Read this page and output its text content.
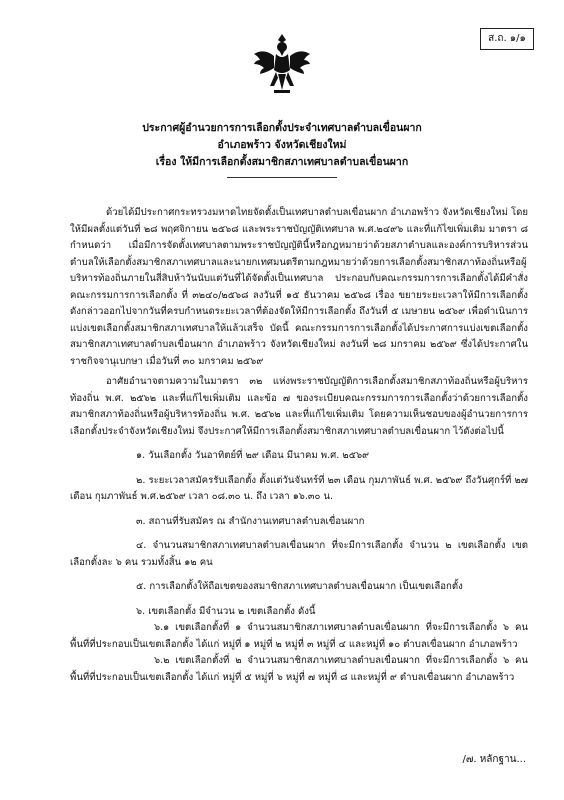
ส.ถ. ๑/๑
ประกาศผู้อำนวยการการเลือกตั้งประจำเทศบาลตำบลเขื่อนผาก
อำเภอพร้าว จังหวัดเชียงใหม่
เรื่อง ให้มีการเลือกตั้งสมาชิกสภาเทศบาลตำบลเขื่อนผาก

ด้วยได้มีประกาศกระทรวงมหาดไทยจัดตั้งเป็นเทศบาลตำบลเขื่อนผาก อำเภอพร้าว จังหวัดเชียงใหม่ โดยให้มีผลตั้งแต่วันที่ ๒๘ พฤศจิกายน ๒๕๖๘ และพระราชบัญญัติเทศบาล พ.ศ.๒๔๙๖ และที่แก้ไขเพิ่มเติม มาตรา ๘ กำหนดว่า เมื่อมีการจัดตั้งเทศบาลตามพระราชบัญญัตินี้หรือกฎหมายว่าด้วยสภาตำบลและองค์การบริหารส่วนตำบลให้เลือกตั้งสมาชิกสภาเทศบาลและนายกเทศมนตรีตามกฎหมายว่าด้วยการเลือกตั้งสมาชิกสภาท้องถิ่นหรือผู้บริหารท้องถิ่นภายในสี่สิบห้าวันนับแต่วันที่ได้จัดตั้งเป็นเทศบาล ประกอบกับคณะกรรมการการเลือกตั้งได้มีคำสั่งคณะกรรมการการเลือกตั้ง ที่ ๓๒๔๐/๒๕๖๘ ลงวันที่ ๑๕ ธันวาคม ๒๕๖๘ เรื่อง ขยายระยะเวลาให้มีการเลือกตั้งดังกล่าวออกไปจากวันที่ครบกำหนดระยะเวลาที่ต้องจัดให้มีการเลือกตั้ง ถึงวันที่ ๕ เมษายน ๒๕๖๙ เพื่อดำเนินการแบ่งเขตเลือกตั้งสมาชิกสภาเทศบาลให้แล้วเสร็จ บัดนี้ คณะกรรมการการเลือกตั้งได้ประกาศการแบ่งเขตเลือกตั้งสมาชิกสภาเทศบาลตำบลเขื่อนผาก อำเภอพร้าว จังหวัดเชียงใหม่ ลงวันที่ ๒๘ มกราคม ๒๕๖๙ ซึ่งได้ประกาศในราชกิจจานุเบกษา เมื่อวันที่ ๓๐ มกราคม ๒๕๖๙

อาศัยอำนาจตามความในมาตรา ๓๒ แห่งพระราชบัญญัติการเลือกตั้งสมาชิกสภาท้องถิ่นหรือผู้บริหารท้องถิ่น พ.ศ. ๒๕๖๒ และที่แก้ไขเพิ่มเติม และข้อ ๗ ของระเบียบคณะกรรมการการเลือกตั้งว่าด้วยการเลือกตั้งสมาชิกสภาท้องถิ่นหรือผู้บริหารท้องถิ่น พ.ศ. ๒๕๖๒ และที่แก้ไขเพิ่มเติม โดยความเห็นชอบของผู้อำนวยการการเลือกตั้งประจำจังหวัดเชียงใหม่ จึงประกาศให้มีการเลือกตั้งสมาชิกสภาเทศบาลตำบลเขื่อนผาก ไว้ดังต่อไปนี้

๑. วันเลือกตั้ง วันอาทิตย์ที่ ๒๙ เดือน มีนาคม พ.ศ. ๒๕๖๙

๒. ระยะเวลาสมัครรับเลือกตั้ง ตั้งแต่วันจันทร์ที่ ๒๓ เดือน กุมภาพันธ์ พ.ศ. ๒๕๖๙ ถึงวันศุกร์ที่ ๒๗ เดือน กุมภาพันธ์ พ.ศ.๒๕๖๙ เวลา ๐๘.๓๐ น. ถึง เวลา ๑๖.๓๐ น.

๓. สถานที่รับสมัคร ณ สำนักงานเทศบาลตำบลเขื่อนผาก

๔. จำนวนสมาชิกสภาเทศบาลตำบลเขื่อนผาก ที่จะมีการเลือกตั้ง จำนวน ๒ เขตเลือกตั้ง เขตเลือกตั้งละ ๖ คน รวมทั้งสิ้น ๑๒ คน

๕. การเลือกตั้งให้ถือเขตของสมาชิกสภาเทศบาลตำบลเขื่อนผาก เป็นเขตเลือกตั้ง

๖. เขตเลือกตั้ง มีจำนวน ๒ เขตเลือกตั้ง ดังนี้

๖.๑ เขตเลือกตั้งที่ ๑ จำนวนสมาชิกสภาเทศบาลตำบลเขื่อนผาก ที่จะมีการเลือกตั้ง ๖ คน พื้นที่ที่ประกอบเป็นเขตเลือกตั้ง ได้แก่ หมู่ที่ ๑ หมู่ที่ ๒ หมู่ที่ ๓ หมู่ที่ ๔ และหมู่ที่ ๑๐ ตำบลเขื่อนผาก อำเภอพร้าว

๖.๒ เขตเลือกตั้งที่ ๒ จำนวนสมาชิกสภาเทศบาลตำบลเขื่อนผาก ที่จะมีการเลือกตั้ง ๖ คน พื้นที่ที่ประกอบเป็นเขตเลือกตั้ง ได้แก่ หมู่ที่ ๕ หมู่ที่ ๖ หมู่ที่ ๗ หมู่ที่ ๘ และหมู่ที่ ๙ ตำบลเขื่อนผาก อำเภอพร้าว

/๗. หลักฐาน...
